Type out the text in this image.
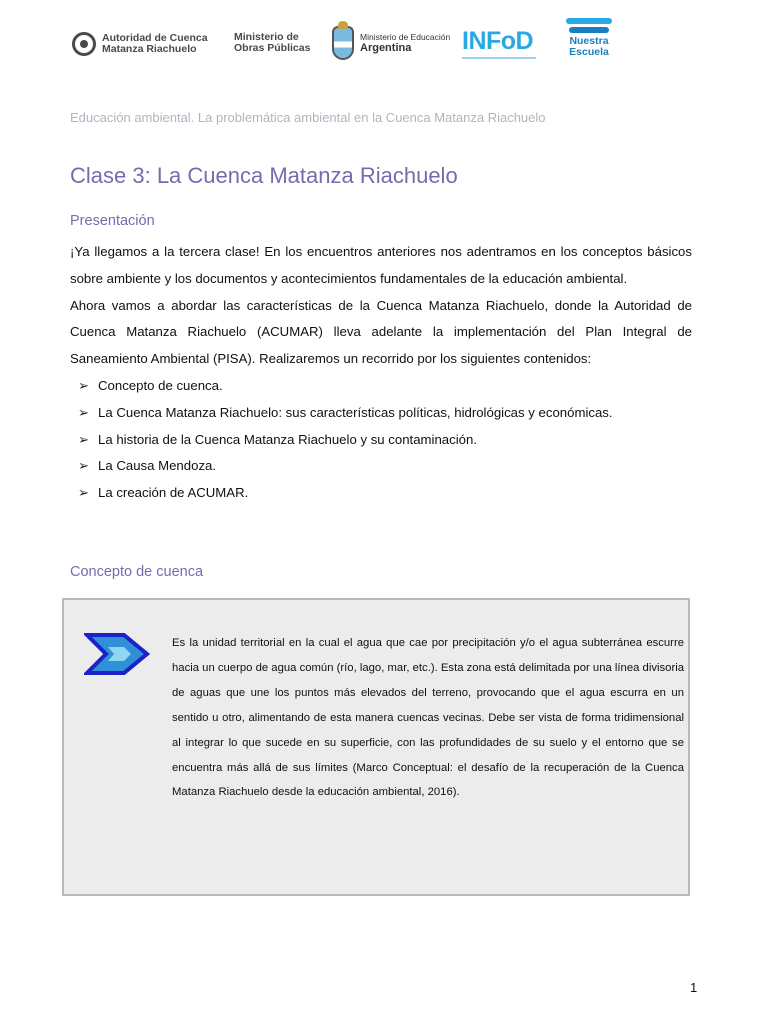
Autoridad de Cuenca
Matanza Riachuelo
Ministerio de
Obras Públicas
Ministerio de Educación
Argentina	INFoD	Nuestra
Escuela
Educación ambiental. La problemática ambiental en la Cuenca Matanza Riachuelo
Clase 3: La Cuenca Matanza Riachuelo
Presentación

¡Ya llegamos a la tercera clase! En los encuentros anteriores nos adentramos en los conceptos básicos sobre ambiente y los documentos y acontecimientos fundamentales de la educación ambiental.

Ahora vamos a abordar las características de la Cuenca Matanza Riachuelo, donde la Autoridad de Cuenca Matanza Riachuelo (ACUMAR) lleva adelante la implementación del Plan Integral de Saneamiento Ambiental (PISA). Realizaremos un recorrido por los siguientes contenidos:

➢ Concepto de cuenca.
➢ La Cuenca Matanza Riachuelo: sus características políticas, hidrológicas y económicas.
➢ La historia de la Cuenca Matanza Riachuelo y su contaminación.
➢ La Causa Mendoza.
➢ La creación de ACUMAR.
Concepto de cuenca
Es la unidad territorial en la cual el agua que cae por precipitación y/o el agua subterránea escurre hacia un cuerpo de agua común (río, lago, mar, etc.). Esta zona está delimitada por una línea divisoria de aguas que une los puntos más elevados del terreno, provocando que el agua escurra en un sentido u otro, alimentando de esta manera cuencas vecinas. Debe ser vista de forma tridimensional al integrar lo que sucede en su superficie, con las profundidades de su suelo y el entorno que se encuentra más allá de sus límites (Marco Conceptual: el desafío de la recuperación de la Cuenca Matanza Riachuelo desde la educación ambiental, 2016).
1
